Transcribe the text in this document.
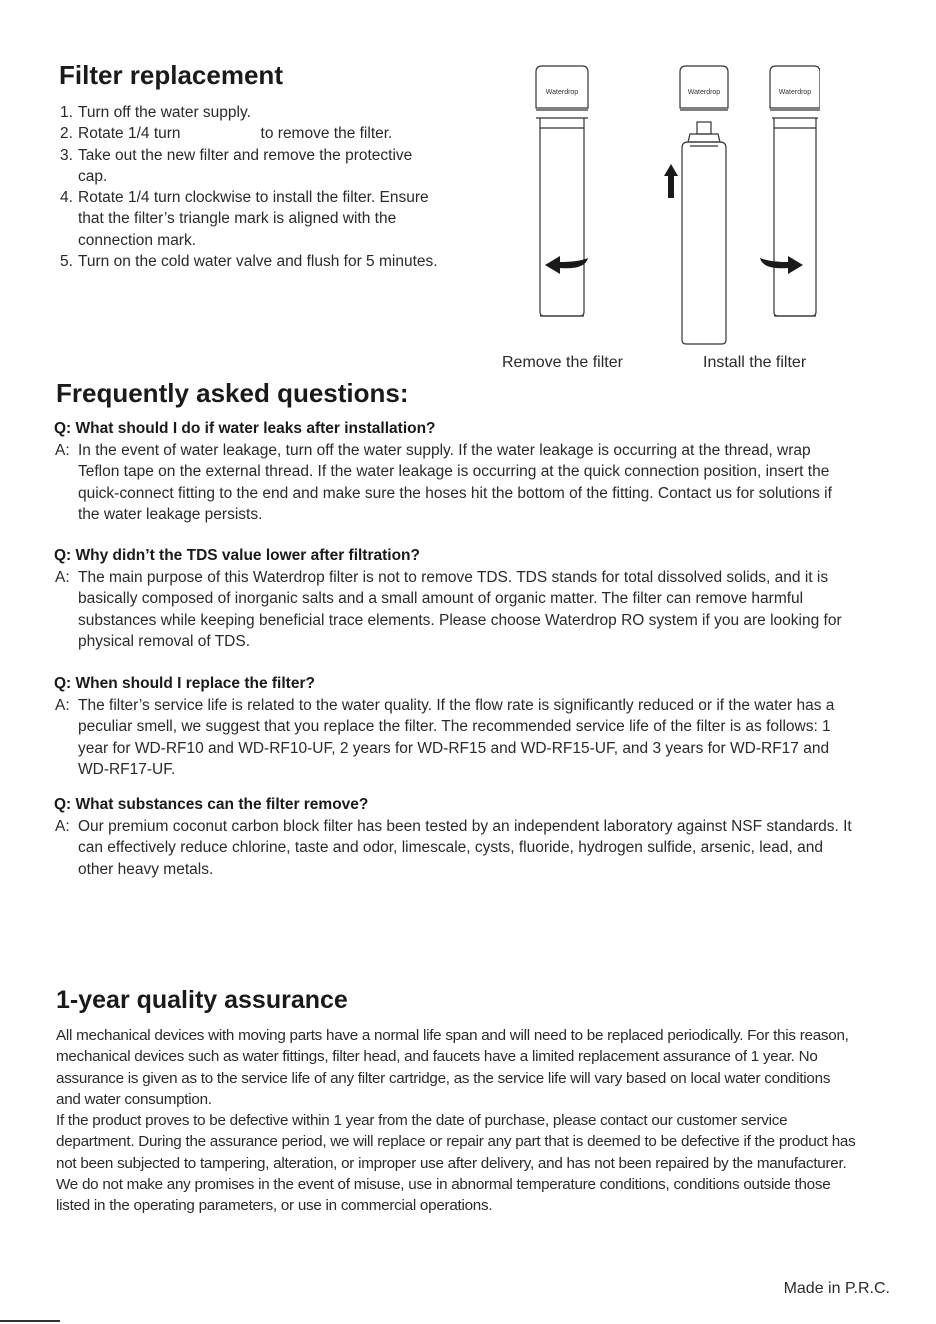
Filter replacement
1. Turn off the water supply.
2. Rotate 1/4 turn	to remove the filter.
3. Take out the new filter and remove the protective cap.
4. Rotate 1/4 turn clockwise to install the filter. Ensure that the filter’s triangle mark is aligned with the connection mark.
5. Turn on the cold water valve and flush for 5 minutes.
Waterdrop	Waterdrop	Waterdrop
Remove the filter	Install the filter
Frequently asked questions:
Q: What should I do if water leaks after installation?
A: In the event of water leakage, turn off the water supply. If the water leakage is occurring at the thread, wrap Teflon tape on the external thread. If the water leakage is occurring at the quick connection position, insert the quick-connect fitting to the end and make sure the hoses hit the bottom of the fitting. Contact us for solutions if the water leakage persists.
Q: Why didn’t the TDS value lower after filtration?
A: The main purpose of this Waterdrop filter is not to remove TDS. TDS stands for total dissolved solids, and it is basically composed of inorganic salts and a small amount of organic matter. The filter can remove harmful substances while keeping beneficial trace elements. Please choose Waterdrop RO system if you are looking for physical removal of TDS.
Q: When should I replace the filter?
A: The filter’s service life is related to the water quality. If the flow rate is significantly reduced or if the water has a peculiar smell, we suggest that you replace the filter. The recommended service life of the filter is as follows: 1 year for WD-RF10 and WD-RF10-UF, 2 years for WD-RF15 and WD-RF15-UF, and 3 years for WD-RF17 and WD-RF17-UF.
Q: What substances can the filter remove?
A: Our premium coconut carbon block filter has been tested by an independent laboratory against NSF standards. It can effectively reduce chlorine, taste and odor, limescale, cysts, fluoride, hydrogen sulfide, arsenic, lead, and other heavy metals.
1-year quality assurance

All mechanical devices with moving parts have a normal life span and will need to be replaced periodically. For this reason, mechanical devices such as water fittings, filter head, and faucets have a limited replacement assurance of 1 year. No assurance is given as to the service life of any filter cartridge, as the service life will vary based on local water conditions and water consumption.

If the product proves to be defective within 1 year from the date of purchase, please contact our customer service department. During the assurance period, we will replace or repair any part that is deemed to be defective if the product has not been subjected to tampering, alteration, or improper use after delivery, and has not been repaired by the manufacturer.

We do not make any promises in the event of misuse, use in abnormal temperature conditions, conditions outside those listed in the operating parameters, or use in commercial operations.

Made in P.R.C.
